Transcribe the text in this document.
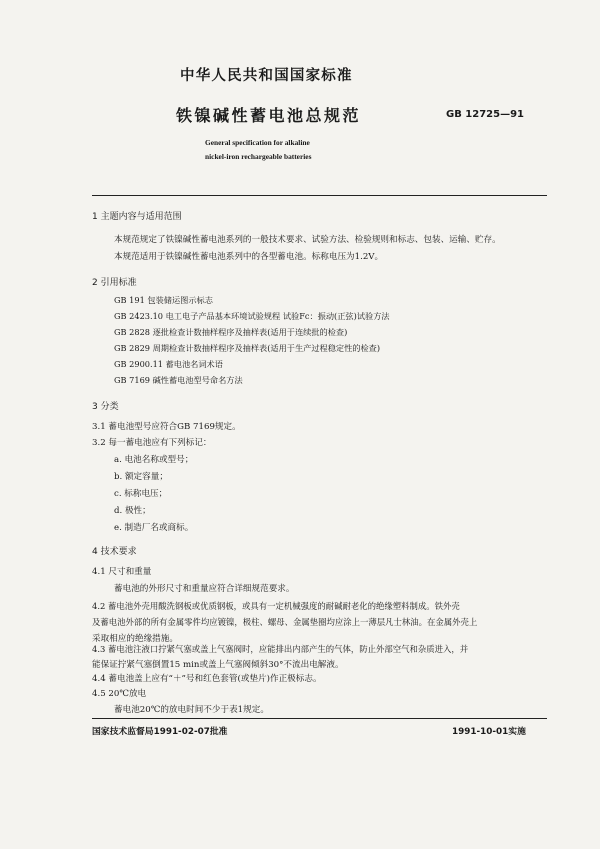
中华人民共和国国家标准
铁镍碱性蓄电池总规范	GB 12725—91
General specification for alkaline
nickel-iron rechargeable batteries
1 主题内容与适用范围
本规范规定了铁镍碱性蓄电池系列的一般技术要求、试验方法、检验规则和标志、包装、运输、贮存。
本规范适用于铁镍碱性蓄电池系列中的各型蓄电池。标称电压为1.2V。
2 引用标准
GB 191 包装储运图示标志
GB 2423.10 电工电子产品基本环境试验规程 试验Fc：振动(正弦)试验方法
GB 2828 逐批检查计数抽样程序及抽样表(适用于连续批的检查)
GB 2829 周期检查计数抽样程序及抽样表(适用于生产过程稳定性的检查)
GB 2900.11 蓄电池名词术语
GB 7169 碱性蓄电池型号命名方法
3 分类
3.1 蓄电池型号应符合GB 7169规定。
3.2 每一蓄电池应有下列标记：
a. 电池名称或型号；
b. 额定容量；
c. 标称电压；
d. 极性；
e. 制造厂名或商标。
4 技术要求
4.1 尺寸和重量
蓄电池的外形尺寸和重量应符合详细规范要求。
4.2 蓄电池外壳用酸洗钢板或优质钢板，或具有一定机械强度的耐碱耐老化的绝缘塑料制成。铁外壳
及蓄电池外部的所有金属零件均应镀镍，极柱、螺母、金属垫圈均应涂上一薄层凡士林油。在金属外壳上
采取相应的绝缘措施。
4.3 蓄电池注液口拧紧气塞或盖上气塞阀时，应能排出内部产生的气体，防止外部空气和杂质进入，并
能保证拧紧气塞倒置15 min或盖上气塞阀倾斜30°不流出电解液。
4.4 蓄电池盖上应有“＋”号和红色套管(或垫片)作正极标志。
4.5 20℃放电
国家技术监督局1991-02-07批准	1991-10-01实施
蓄电池20℃的放电时间不少于表1规定。
